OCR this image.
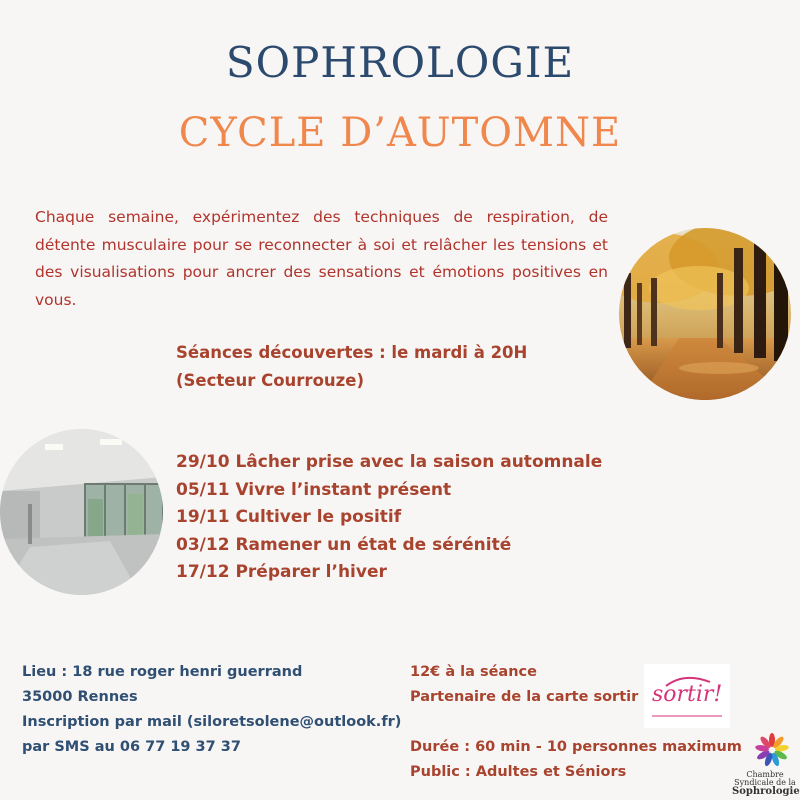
SOPHROLOGIE
CYCLE D’AUTOMNE

Chaque semaine, expérimentez des techniques de respiration, de détente musculaire pour se reconnecter à soi et relâcher les tensions et des visualisations pour ancrer des sensations et émotions positives en vous.

Séances découvertes : le mardi à 20H
(Secteur Courrouze)
29/10 Lâcher prise avec la saison automnale
05/11 Vivre l’instant présent
19/11 Cultiver le positif
03/12 Ramener un état de sérénité
17/12 Préparer l’hiver
Lieu : 18 rue roger henri guerrand
35000 Rennes
Inscription par mail (siloretsolene@outlook.fr)
par SMS au 06 77 19 37 37
12€ à la séance
Partenaire de la carte sortir
Durée : 60 min - 10 personnes maximum
Public : Adultes et Séniors
sortir!
Chambre
Syndicale de la
Sophrologie
